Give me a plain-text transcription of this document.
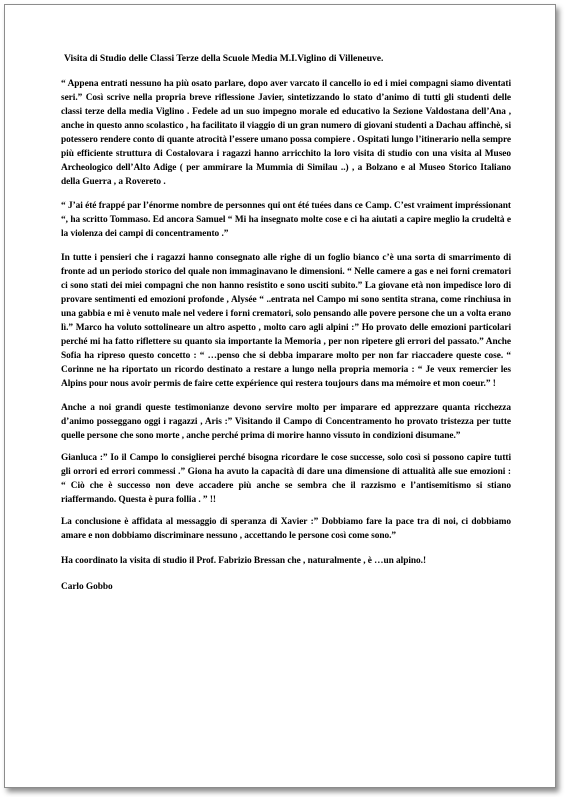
Visita di Studio delle Classi Terze della Scuole Media M.I.Viglino di Villeneuve.

“ Appena entrati nessuno ha più osato parlare, dopo aver varcato il cancello io ed i miei compagni siamo diventati seri.” Così scrive nella propria breve riflessione Javier, sintetizzando lo stato d’animo di tutti gli studenti delle classi terze della media Viglino . Fedele ad un suo impegno morale ed educativo la Sezione Valdostana dell’Ana , anche in questo anno scolastico , ha facilitato il viaggio di un gran numero di giovani studenti a Dachau affinchè, si potessero rendere conto di quante atrocità l’essere umano possa compiere . Ospitati lungo l’itinerario nella sempre più efficiente struttura di Costalovara i ragazzi hanno arricchito la loro visita di studio con una visita al Museo Archeologico dell’Alto Adige ( per ammirare la Mummia di Similau ..) , a Bolzano e al Museo Storico Italiano della Guerra , a Rovereto .

“ J’ai été frappé par l’énorme nombre de personnes qui ont été tuées dans ce Camp. C’est vraiment impréssionant “, ha scritto Tommaso. Ed ancora Samuel “ Mi ha insegnato molte cose e ci ha aiutati a capire meglio la crudeltà e la violenza dei campi di concentramento .”

In tutte i pensieri che i ragazzi hanno consegnato alle righe di un foglio bianco c’è una sorta di smarrimento di fronte ad un periodo storico del quale non immaginavano le dimensioni. “ Nelle camere a gas e nei forni crematori ci sono stati dei miei compagni che non hanno resistito e sono usciti subito.” La giovane età non impedisce loro di provare sentimenti ed emozioni profonde , Alysée “ ..entrata nel Campo mi sono sentita strana, come rinchiusa in una gabbia e mi è venuto male nel vedere i forni crematori, solo pensando alle povere persone che un a volta erano lì.” Marco ha voluto sottolineare un altro aspetto , molto caro agli alpini :” Ho provato delle emozioni particolari perché mi ha fatto riflettere su quanto sia importante la Memoria , per non ripetere gli errori del passato.” Anche Sofia ha ripreso questo concetto : “ …penso che si debba imparare molto per non far riaccadere queste cose. “ Corinne ne ha riportato un ricordo destinato a restare a lungo nella propria memoria : “ Je veux remercier les Alpins pour nous avoir permis de faire cette expérience qui restera toujours dans ma mémoire et mon coeur.” !

Anche a noi grandi queste testimonianze devono servire molto per imparare ed apprezzare quanta ricchezza d’animo posseggano oggi i ragazzi , Aris :” Visitando il Campo di Concentramento ho provato tristezza per tutte quelle persone che sono morte , anche perché prima di morire hanno vissuto in condizioni disumane.”

Gianluca :” Io il Campo lo consiglierei perché bisogna ricordare le cose successe, solo così si possono capire tutti gli orrori ed errori commessi .” Giona ha avuto la capacità di dare una dimensione di attualità alle sue emozioni : “ Ciò che è successo non deve accadere più anche se sembra che il razzismo e l’antisemitismo si stiano riaffermando. Questa è pura follia . ” !!

La conclusione è affidata al messaggio di speranza di Xavier :” Dobbiamo fare la pace tra di noi, ci dobbiamo amare e non dobbiamo discriminare nessuno , accettando le persone così come sono.”

Ha coordinato la visita di studio il Prof. Fabrizio Bressan che , naturalmente , è …un alpino.!

Carlo Gobbo
